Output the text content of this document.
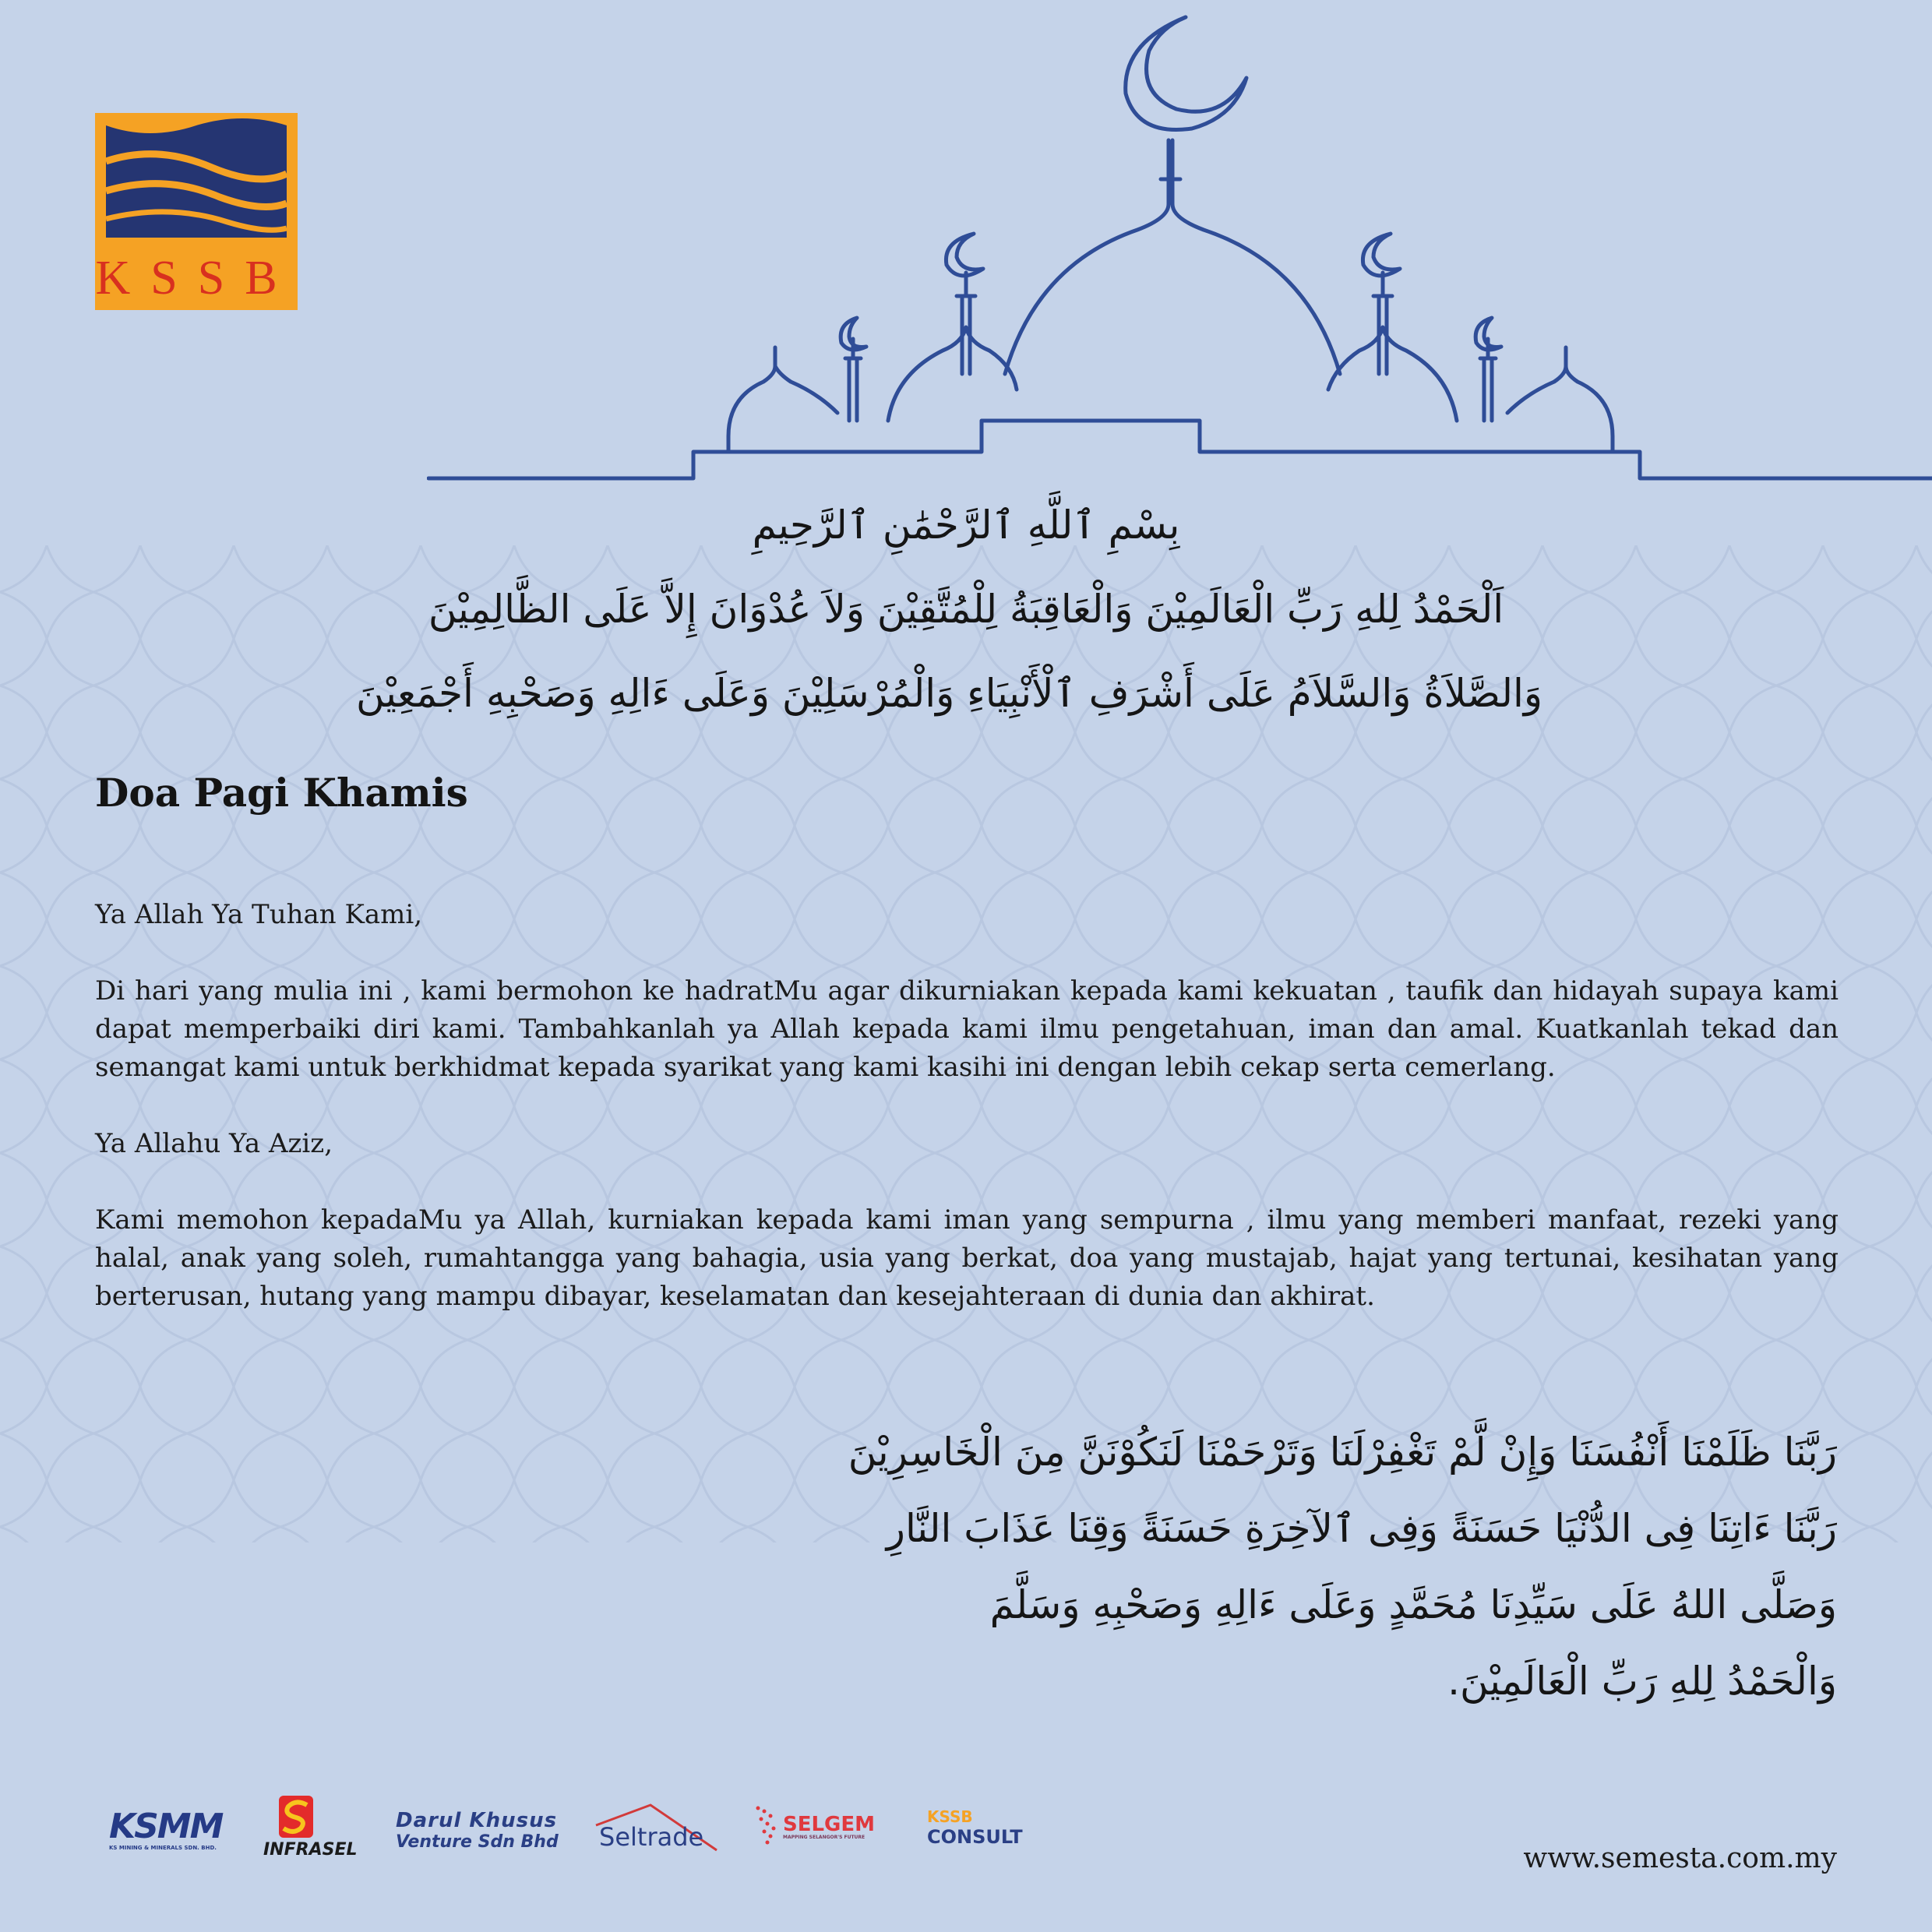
KSSB
بِسْمِ ٱللَّهِ ٱلرَّحْمَٰنِ ٱلرَّحِيمِ
اَلْحَمْدُ لِلهِ رَبِّ الْعَالَمِيْنَ وَالْعَاقِبَةُ لِلْمُتَّقِيْنَ وَلاَ عُدْوَانَ إِلاَّ عَلَى الظَّالِمِيْنَ
وَالصَّلاَةُ وَالسَّلاَمُ عَلَى أَشْرَفِ ٱلْأَنْبِيَاءِ وَالْمُرْسَلِيْنَ وَعَلَى ءَالِهِ وَصَحْبِهِ أَجْمَعِيْنَ
Doa Pagi Khamis

Ya Allah Ya Tuhan Kami,

Di hari yang mulia ini , kami bermohon ke hadratMu agar dikurniakan kepada kami kekuatan , taufik dan hidayah supaya kami dapat memperbaiki diri kami. Tambahkanlah ya Allah kepada kami ilmu pengetahuan, iman dan amal. Kuatkanlah tekad dan semangat kami untuk berkhidmat kepada syarikat yang kami kasihi ini dengan lebih cekap serta cemerlang.

Ya Allahu Ya Aziz,

Kami memohon kepadaMu ya Allah, kurniakan kepada kami iman yang sempurna , ilmu yang memberi manfaat, rezeki yang halal, anak yang soleh, rumahtangga yang bahagia, usia yang berkat, doa yang mustajab, hajat yang tertunai, kesihatan yang berterusan, hutang yang mampu dibayar, keselamatan dan kesejahteraan di dunia dan akhirat.

رَبَّنَا ظَلَمْنَا أَنْفُسَنَا وَإِنْ لَّمْ تَغْفِرْلَنَا وَتَرْحَمْنَا لَنَكُوْنَنَّ مِنَ الْخَاسِرِيْنَ
رَبَّنَا ءَاتِنَا فِى الدُّنْيَا حَسَنَةً وَفِى ٱلآخِرَةِ حَسَنَةً وَقِنَا عَذَابَ النَّارِ
وَصَلَّى اللهُ عَلَى سَيِّدِنَا مُحَمَّدٍ وَعَلَى ءَالِهِ وَصَحْبِهِ وَسَلَّمَ
وَالْحَمْدُ لِلهِ رَبِّ الْعَالَمِيْنَ.
KSMM
KS MINING & MINERALS SDN. BHD.	INFRASEL
Darul Khusus
Venture Sdn Bhd Seltrade	SELGEM
MAPPING SELANGOR'S FUTURE
KSSB
CONSULT
www.semesta.com.my
